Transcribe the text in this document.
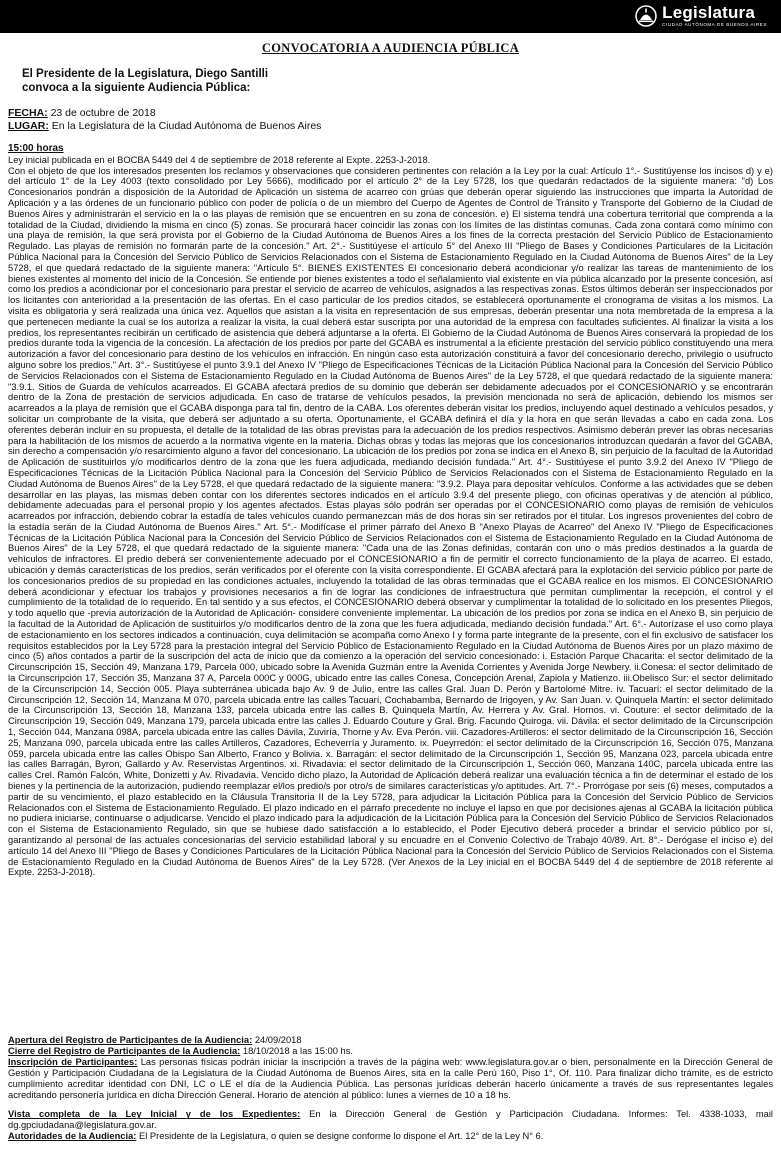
Legislatura
CIUDAD AUTÓNOMA DE BUENOS AIRES
CONVOCATORIA A AUDIENCIA PÚBLICA
El Presidente de la Legislatura, Diego Santilli
convoca a la siguiente Audiencia Pública:
FECHA: 23 de octubre de 2018
LUGAR: En la Legislatura de la Ciudad Autónoma de Buenos Aires

15:00 horas

Ley inicial publicada en el BOCBA 5449 del 4 de septiembre de 2018 referente al Expte. 2253-J-2018.

Con el objeto de que los interesados presenten los reclamos y observaciones que consideren pertinentes con relación a la Ley por la cual: Artículo 1°.- Sustitúyense los incisos d) y e) del artículo 1° de la Ley 4003 (texto consolidado por Ley 5666), modificado por el artículo 2° de la Ley 5728, los que quedarán redactados de la siguiente manera: "d) Los Concesionarios pondrán a disposición de la Autoridad de Aplicación un sistema de acarreo con grúas que deberán operar siguiendo las instrucciones que imparta la Autoridad de Aplicación y a las órdenes de un funcionario público con poder de policía o de un miembro del Cuerpo de Agentes de Control de Tránsito y Transporte del Gobierno de la Ciudad de Buenos Aires y administrarán el servicio en la o las playas de remisión que se encuentren en su zona de concesión. e) El sistema tendrá una cobertura territorial que comprenda a la totalidad de la Ciudad, dividiendo la misma en cinco (5) zonas. Se procurará hacer coincidir las zonas con los límites de las distintas comunas. Cada zona contará como mínimo con una playa de remisión, la que será provista por el Gobierno de la Ciudad Autónoma de Buenos Aires a los fines de la correcta prestación del Servicio Público de Estacionamiento Regulado. Las playas de remisión no formarán parte de la concesión." Art. 2°.- Sustitúyese el artículo 5° del Anexo III "Pliego de Bases y Condiciones Particulares de la Licitación Pública Nacional para la Concesión del Servicio Público de Servicios Relacionados con el Sistema de Estacionamiento Regulado en la Ciudad Autónoma de Buenos Aires" de la Ley 5728, el que quedará redactado de la siguiente manera: "Artículo 5°. BIENES EXISTENTES El concesionario deberá acondicionar y/o realizar las tareas de mantenimiento de los bienes existentes al momento del inicio de la Concesión. Se entiende por bienes existentes a todo el señalamiento vial existente en vía pública alcanzado por la presente concesión, así como los predios a acondicionar por el concesionario para prestar el servicio de acarreo de vehículos, asignados a las respectivas zonas. Estos últimos deberán ser inspeccionados por los licitantes con anterioridad a la presentación de las ofertas. En el caso particular de los predios citados, se establecerá oportunamente el cronograma de visitas a los mismos. La visita es obligatoria y será realizada una única vez. Aquellos que asistan a la visita en representación de sus empresas, deberán presentar una nota membretada de la empresa a la que pertenecen mediante la cual se los autoriza a realizar la visita, la cual deberá estar suscripta por una autoridad de la empresa con facultades suficientes. Al finalizar la visita a los predios, los representantes recibirán un certificado de asistencia que deberá adjuntarse a la oferta. El Gobierno de la Ciudad Autónoma de Buenos Aires conservará la propiedad de los predios durante toda la vigencia de la concesión. La afectación de los predios por parte del GCABA es instrumental a la eficiente prestación del servicio público constituyendo una mera autorización a favor del concesionario para destino de los vehículos en infracción. En ningún caso esta autorización constituirá a favor del concesionario derecho, privilegio o usufructo alguno sobre los predios." Art. 3°.- Sustitúyese el punto 3.9.1 del Anexo IV "Pliego de Especificaciones Técnicas de la Licitación Pública Nacional para la Concesión del Servicio Público de Servicios Relacionados con el Sistema de Estacionamiento Regulado en la Ciudad Autónoma de Buenos Aires" de la Ley 5728, el que quedará redactado de la siguiente manera: "3.9.1. Sitios de Guarda de vehículos acarreados. El GCABA afectará predios de su dominio que deberán ser debidamente adecuados por el CONCESIONARIO y se encontrarán dentro de la Zona de prestación de servicios adjudicada. En caso de tratarse de vehículos pesados, la previsión mencionada no será de aplicación, debiendo los mismos ser acarreados a la playa de remisión que el GCABA disponga para tal fin, dentro de la CABA. Los oferentes deberán visitar los predios, incluyendo aquel destinado a vehículos pesados, y solicitar un comprobante de la visita, que deberá ser adjuntado a su oferta. Oportunamente, el GCABA definirá el día y la hora en que serán llevadas a cabo en cada zona. Los oferentes deberán incluir en su propuesta, el detalle de la totalidad de las obras previstas para la adecuación de los predios respectivos. Asimismo deberán prever las obras necesarias para la habilitación de los mismos de acuerdo a la normativa vigente en la materia. Dichas obras y todas las mejoras que los concesionarios introduzcan quedarán a favor del GCABA, sin derecho a compensación y/o resarcimiento alguno a favor del concesionario. La ubicación de los predios por zona se indica en el Anexo B, sin perjuicio de la facultad de la Autoridad de Aplicación de sustituirlos y/o modificarlos dentro de la zona que les fuera adjudicada, mediando decisión fundada." Art. 4°.- Sustitúyese el punto 3.9.2 del Anexo IV "Pliego de Especificaciones Técnicas de la Licitación Pública Nacional para la Concesión del Servicio Público de Servicios Relacionados con el Sistema de Estacionamiento Regulado en la Ciudad Autónoma de Buenos Aires" de la Ley 5728, el que quedará redactado de la siguiente manera: "3.9.2. Playa para depositar vehículos. Conforme a las actividades que se deben desarrollar en las playas, las mismas deben contar con los diferentes sectores indicados en el artículo 3.9.4 del presente pliego, con oficinas operativas y de atención al público, debidamente adecuadas para el personal propio y los agentes afectados. Estas playas sólo podrán ser operadas por el CONCESIONARIO como playas de remisión de vehículos acarreados por infracción, debiendo cobrar la estadía de tales vehículos cuando permanezcan más de dos horas sin ser retirados por el titular. Los ingresos provenientes del cobro de la estadía serán de la Ciudad Autónoma de Buenos Aires." Art. 5°.- Modifícase el primer párrafo del Anexo B "Anexo Playas de Acarreo" del Anexo IV "Pliego de Especificaciones Técnicas de la Licitación Pública Nacional para la Concesión del Servicio Público de Servicios Relacionados con el Sistema de Estacionamiento Regulado en la Ciudad Autónoma de Buenos Aires" de la Ley 5728, el que quedará redactado de la siguiente manera: "Cada una de las Zonas definidas, contarán con uno o más predios destinados a la guarda de vehículos de infractores. El predio deberá ser convenientemente adecuado por el CONCESIONARIO a fin de permitir el correcto funcionamiento de la playa de acarreo. El estado, ubicación y demás características de los predios, serán verificados por el oferente con la visita correspondiente. El GCABA afectará para la explotación del servicio público por parte de los concesionarios predios de su propiedad en las condiciones actuales, incluyendo la totalidad de las obras terminadas que el GCABA realice en los mismos. El CONCESIONARIO deberá acondicionar y efectuar los trabajos y provisiones necesarios a fin de lograr las condiciones de infraestructura que permitan cumplimentar la recepción, el control y el cumplimiento de la totalidad de lo requerido. En tal sentido y a sus efectos, el CONCESIONARIO deberá observar y cumplimentar la totalidad de lo solicitado en los presentes Pliegos, y todo aquello que -previa autorización de la Autoridad de Aplicación- considere conveniente implementar. La ubicación de los predios por zona se indica en el Anexo B, sin perjuicio de la facultad de la Autoridad de Aplicación de sustituirlos y/o modificarlos dentro de la zona que les fuera adjudicada, mediando decisión fundada." Art. 6°.- Autorízase el uso como playa de estacionamiento en los sectores indicados a continuación, cuya delimitación se acompaña como Anexo I y forma parte integrante de la presente, con el fin exclusivo de satisfacer los requisitos establecidos por la Ley 5728 para la prestación integral del Servicio Público de Estacionamiento Regulado en la Ciudad Autónoma de Buenos Aires por un plazo máximo de cinco (5) años contados a partir de la suscripción del acta de inicio que da comienzo a la operación del servicio concesionado: i. Estación Parque Chacarita: el sector delimitado de la Circunscripción 15, Sección 49, Manzana 179, Parcela 000, ubicado sobre la Avenida Guzmán entre la Avenida Corrientes y Avenida Jorge Newbery. ii.Conesa: el sector delimitado de la Circunscripción 17, Sección 35, Manzana 37 A, Parcela 000C y 000G, ubicado entre las calles Conesa, Concepción Arenal, Zapiola y Matienzo. iii.Obelisco Sur: el sector delimitado de la Circunscripción 14, Sección 005. Playa subterránea ubicada bajo Av. 9 de Julio, entre las calles Gral. Juan D. Perón y Bartolomé Mitre. iv. Tacuarí: el sector delimitado de la Circunscripción 12, Sección 14, Manzana M 070, parcela ubicada entre las calles Tacuarí, Cochabamba, Bernardo de Irigoyen, y Av. San Juan. v. Quinquela Martín: el sector delimitado de la Circunscripción 13, Sección 18, Manzana 133, parcela ubicada entre las calles B. Quinquela Martín, Av. Herrera y Av. Gral. Hornos. vi. Couture: el sector delimitado de la Circunscripción 19, Sección 049, Manzana 179, parcela ubicada entre las calles J. Eduardo Couture y Gral. Brig. Facundo Quiroga. vii. Dávila: el sector delimitado de la Circunscripción 1, Sección 044, Manzana 098A, parcela ubicada entre las calles Dávila, Zuviría, Thorne y Av. Eva Perón. viii. Cazadores-Artilleros: el sector delimitado de la Circunscripción 16, Sección 25, Manzana 090, parcela ubicada entre las calles Artilleros, Cazadores, Echeverría y Juramento. ix. Pueyrredón: el sector delimitado de la Circunscripción 16, Sección 075, Manzana 059, parcela ubicada entre las calles Obispo San Alberto, Franco y Bolivia. x. Barragán: el sector delimitado de la Circunscripción 1, Sección 95, Manzana 023, parcela ubicada entre las calles Barragán, Byron, Gallardo y Av. Reservistas Argentinos. xi. Rivadavia: el sector delimitado de la Circunscripción 1, Sección 060, Manzana 140C, parcela ubicada entre las calles Crel. Ramón Falcón, White, Donizetti y Av. Rivadavia. Vencido dicho plazo, la Autoridad de Aplicación deberá realizar una evaluación técnica a fin de determinar el estado de los bienes y la pertinencia de la autorización, pudiendo reemplazar el/los predio/s por otro/s de similares características y/o aptitudes. Art. 7°.- Prorrógase por seis (6) meses, computados a partir de su vencimiento, el plazo establecido en la Cláusula Transitoria II de la Ley 5728, para adjudicar la Licitación Pública para la Concesión del Servicio Público de Servicios Relacionados con el Sistema de Estacionamiento Regulado. El plazo indicado en el párrafo precedente no incluye el lapso en que por decisiones ajenas al GCABA la licitación pública no pudiera iniciarse, continuarse o adjudicarse. Vencido el plazo indicado para la adjudicación de la Licitación Pública para la Concesión del Servicio Público de Servicios Relacionados con el Sistema de Estacionamiento Regulado, sin que se hubiese dado satisfacción a lo establecido, el Poder Ejecutivo deberá proceder a brindar el servicio público por sí, garantizando al personal de las actuales concesionarias del servicio estabilidad laboral y su encuadre en el Convenio Colectivo de Trabajo 40/89. Art. 8°.- Derógase el inciso e) del artículo 14 del Anexo III "Pliego de Bases y Condiciones Particulares de la Licitación Pública Nacional para la Concesión del Servicio Público de Servicios Relacionados con el Sistema de Estacionamiento Regulado en la Ciudad Autónoma de Buenos Aires" de la Ley 5728. (Ver Anexos de la Ley inicial en el BOCBA 5449 del 4 de septiembre de 2018 referente al Expte. 2253-J-2018).

Apertura del Registro de Participantes de la Audiencia: 24/09/2018

Cierre del Registro de Participantes de la Audiencia: 18/10/2018 a las 15:00 hs.

Inscripción de Participantes: Las personas físicas podrán iniciar la inscripción a través de la página web: www.legislatura.gov.ar o bien, personalmente en la Dirección General de Gestión y Participación Ciudadana de la Legislatura de la Ciudad Autónoma de Buenos Aires, sita en la calle Perú 160, Piso 1°, Of. 110. Para finalizar dicho trámite, es de estricto cumplimiento acreditar identidad con DNI, LC o LE el día de la Audiencia Pública. Las personas jurídicas deberán hacerlo únicamente a través de sus representantes legales acreditando personería jurídica en dicha Dirección General. Horario de atención al público: lunes a viernes de 10 a 18 hs.

Vista completa de la Ley Inicial y de los Expedientes: En la Dirección General de Gestión y Participación Ciudadana. Informes: Tel. 4338-1033, mail dg.gpciudadana@legislatura.gov.ar.

Autoridades de la Audiencia: El Presidente de la Legislatura, o quien se designe conforme lo dispone el Art. 12° de la Ley N° 6.
